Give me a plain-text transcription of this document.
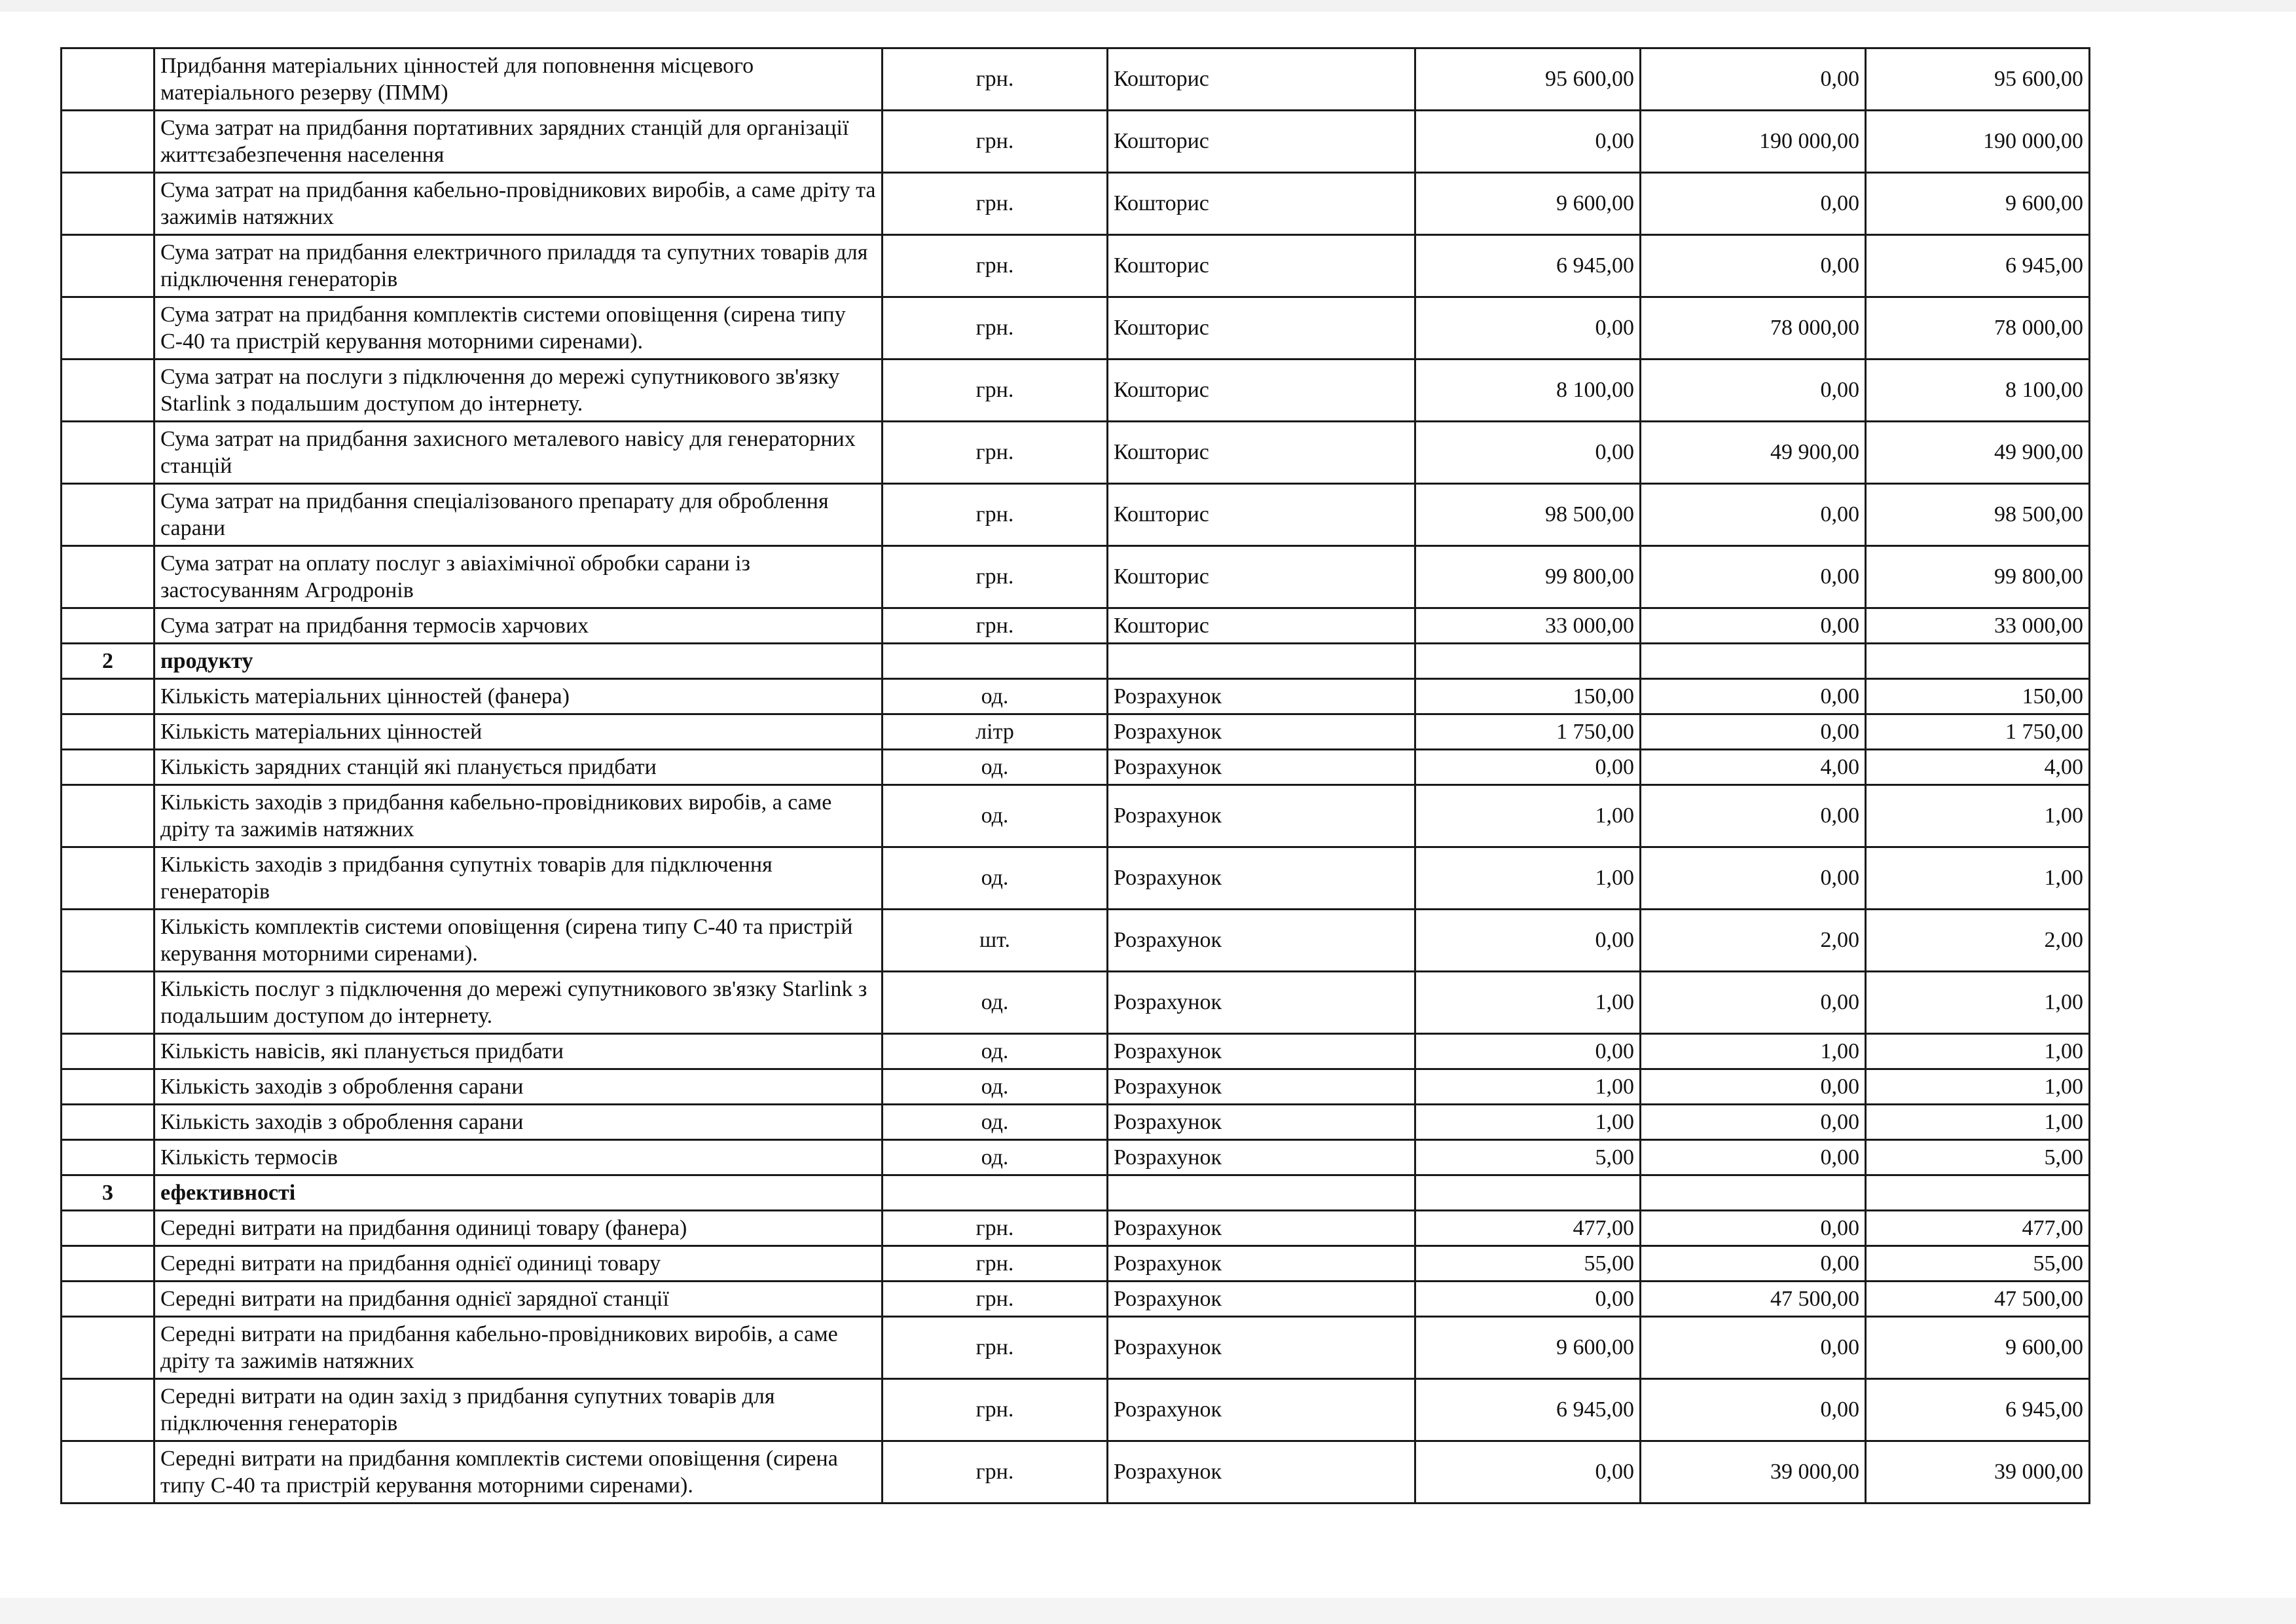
	Придбання матеріальних цінностей для поповнення місцевого матеріального резерву (ПММ)	грн.	Кошторис	95 600,00	0,00	95 600,00
	Сума затрат на придбання портативних зарядних станцій для організації життєзабезпечення населення	грн.	Кошторис	0,00	190 000,00	190 000,00
	Сума затрат на придбання кабельно-провідникових виробів, а саме дріту та зажимів натяжних	грн.	Кошторис	9 600,00	0,00	9 600,00
	Сума затрат на придбання електричного приладдя та супутних товарів для підключення генераторів	грн.	Кошторис	6 945,00	0,00	6 945,00
	Сума затрат на придбання комплектів системи оповіщення (сирена типу С-40 та пристрій керування моторними сиренами).	грн.	Кошторис	0,00	78 000,00	78 000,00
	Сума затрат на послуги з підключення до мережі супутникового зв'язку Starlink з подальшим доступом до інтернету.	грн.	Кошторис	8 100,00	0,00	8 100,00
	Сума затрат на придбання захисного металевого навісу для генераторних станцій	грн.	Кошторис	0,00	49 900,00	49 900,00
	Сума затрат на придбання спеціалізованого препарату для оброблення сарани	грн.	Кошторис	98 500,00	0,00	98 500,00
	Сума затрат на оплату послуг з авіахімічної обробки сарани із застосуванням Агродронів	грн.	Кошторис	99 800,00	0,00	99 800,00
	Сума затрат на придбання термосів харчових	грн.	Кошторис	33 000,00	0,00	33 000,00
2	продукту					
	Кількість матеріальних цінностей (фанера)	од.	Розрахунок	150,00	0,00	150,00
	Кількість матеріальних цінностей	літр	Розрахунок	1 750,00	0,00	1 750,00
	Кількість зарядних станцій які планується придбати	од.	Розрахунок	0,00	4,00	4,00
	Кількість заходів з придбання кабельно-провідникових виробів, а саме дріту та зажимів натяжних	од.	Розрахунок	1,00	0,00	1,00
	Кількість заходів з придбання супутніх товарів для підключення генераторів	од.	Розрахунок	1,00	0,00	1,00
	Кількість комплектів системи оповіщення (сирена типу С-40 та пристрій керування моторними сиренами).	шт.	Розрахунок	0,00	2,00	2,00
	Кількість послуг з підключення до мережі супутникового зв'язку Starlink з подальшим доступом до інтернету.	од.	Розрахунок	1,00	0,00	1,00
	Кількість навісів, які планується придбати	од.	Розрахунок	0,00	1,00	1,00
	Кількість заходів з оброблення сарани	од.	Розрахунок	1,00	0,00	1,00
	Кількість заходів з оброблення сарани	од.	Розрахунок	1,00	0,00	1,00
	Кількість термосів	од.	Розрахунок	5,00	0,00	5,00
3	ефективності					
	Середні витрати на придбання одиниці товару (фанера)	грн.	Розрахунок	477,00	0,00	477,00
	Середні витрати на придбання однієї одиниці товару	грн.	Розрахунок	55,00	0,00	55,00
	Середні витрати на придбання однієї зарядної станції	грн.	Розрахунок	0,00	47 500,00	47 500,00
	Середні витрати на придбання кабельно-провідникових виробів, а саме дріту та зажимів натяжних	грн.	Розрахунок	9 600,00	0,00	9 600,00
	Середні витрати на один захід з придбання супутних товарів для підключення генераторів	грн.	Розрахунок	6 945,00	0,00	6 945,00
	Середні витрати на придбання комплектів системи оповіщення (сирена типу С-40 та пристрій керування моторними сиренами).	грн.	Розрахунок	0,00	39 000,00	39 000,00
